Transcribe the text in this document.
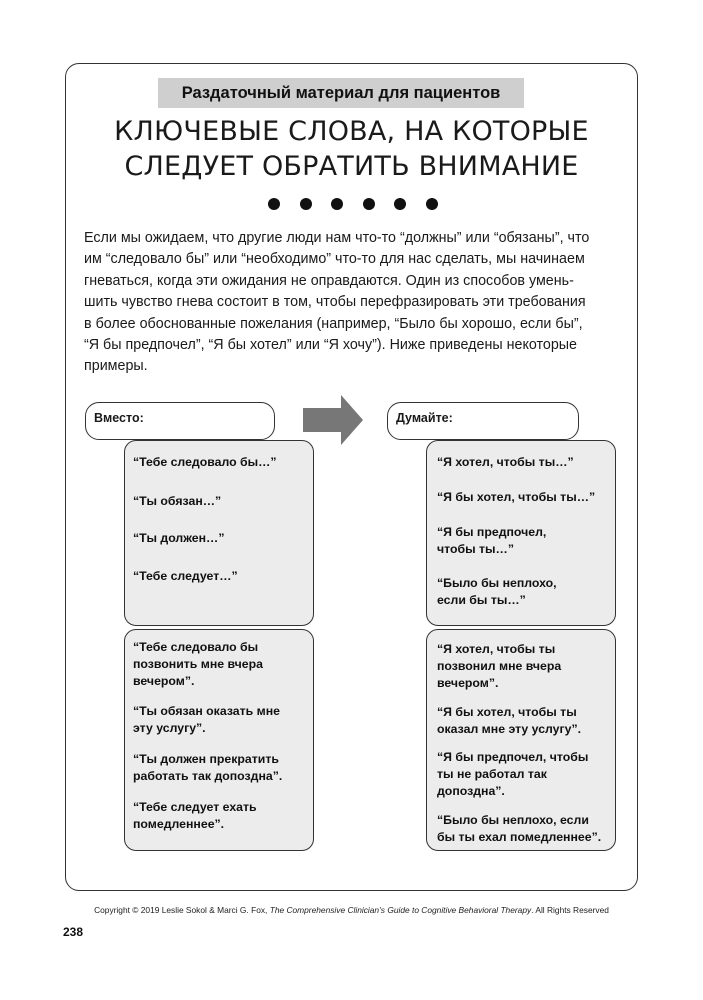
Раздаточный материал для пациентов
КЛЮЧЕВЫЕ СЛОВА, НА КОТОРЫЕ
СЛЕДУЕТ ОБРАТИТЬ ВНИМАНИЕ
Если мы ожидаем, что другие люди нам что-то “должны” или “обязаны”, что
им “следовало бы” или “необходимо” что-то для нас сделать, мы начинаем
гневаться, когда эти ожидания не оправдаются. Один из способов умень-
шить чувство гнева состоит в том, чтобы перефразировать эти требования
в более обоснованные пожелания (например, “Было бы хорошо, если бы”,
“Я бы предпочел”, “Я бы хотел” или “Я хочу”). Ниже приведены некоторые
примеры.
Вместо:	Думайте:
“Тебе следовало бы…”
“Ты обязан…”
“Ты должен…”
“Тебе следует…”
“Я хотел, чтобы ты…”
“Я бы хотел, чтобы ты…”
“Я бы предпочел,
чтобы ты…”
“Было бы неплохо,
если бы ты…”
“Тебе следовало бы
позвонить мне вчера
вечером”.
“Ты обязан оказать мне
эту услугу”.
“Ты должен прекратить
работать так допоздна”.
“Тебе следует ехать
помедленнее”.
“Я хотел, чтобы ты
позвонил мне вчера
вечером”.
“Я бы хотел, чтобы ты
оказал мне эту услугу”.
“Я бы предпочел, чтобы
ты не работал так
допоздна”.
“Было бы неплохо, если
бы ты ехал помедленнее”.
Copyright © 2019 Leslie Sokol & Marci G. Fox, The Comprehensive Clinician’s Guide to Cognitive Behavioral Therapy. All Rights Reserved
238
